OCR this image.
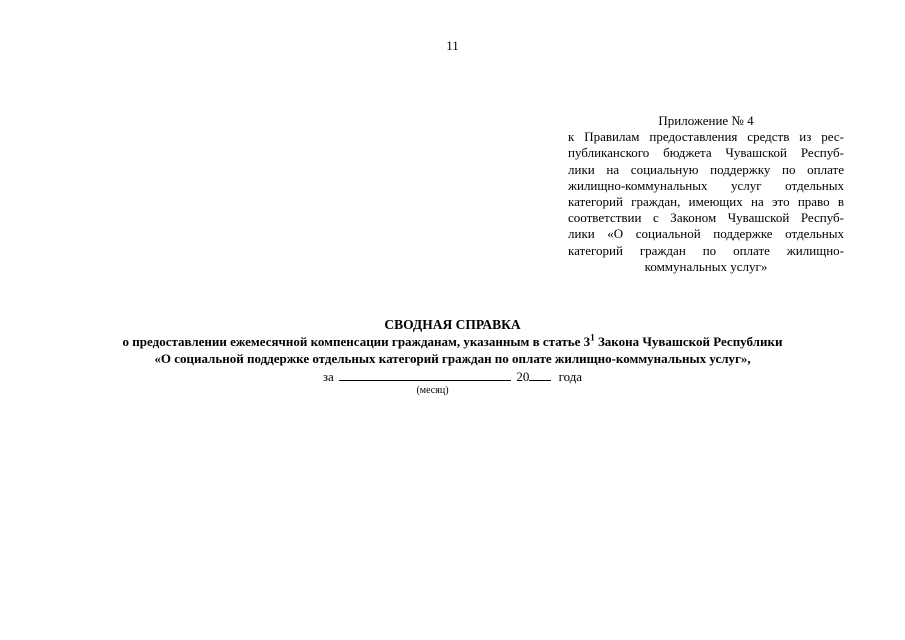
11
Приложение № 4
к Правилам предоставления средств из рес-
публиканского бюджета Чувашской Респуб-
лики на социальную поддержку по оплате
жилищно-коммунальных услуг отдельных
категорий граждан, имеющих на это право в
соответствии с Законом Чувашской Респуб-
лики «О социальной поддержке отдельных
категорий граждан по оплате жилищно-
коммунальных услуг»
СВОДНАЯ СПРАВКА
о предоставлении ежемесячной компенсации гражданам, указанным в статье $3^1$ Закона Чувашской Республики
«О социальной поддержке отдельных категорий граждан по оплате жилищно-коммунальных услуг»,
за	20 года
(месяц)
